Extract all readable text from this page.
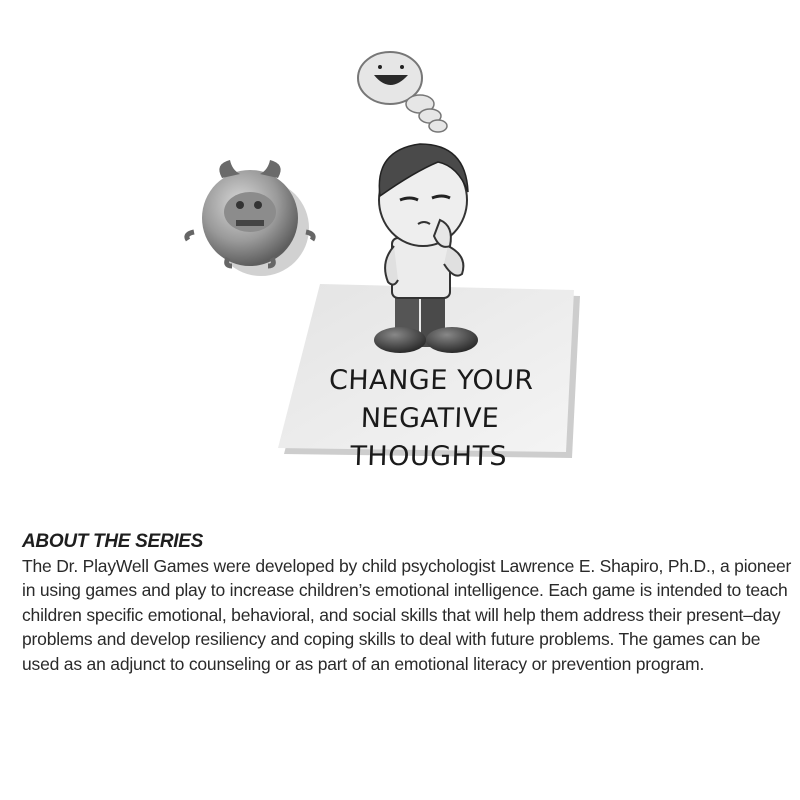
CHANGE YOUR
NEGATIVE THOUGHTS
ABOUT THE SERIES

The Dr. PlayWell Games were developed by child psychologist Lawrence E. Shapiro, Ph.D., a pioneer in using games and play to increase children’s emotional intelligence. Each game is intended to teach children specific emotional, behavioral, and social skills that will help them address their present–day problems and develop resiliency and coping skills to deal with future problems. The games can be used as an adjunct to counseling or as part of an emotional literacy or prevention program.
